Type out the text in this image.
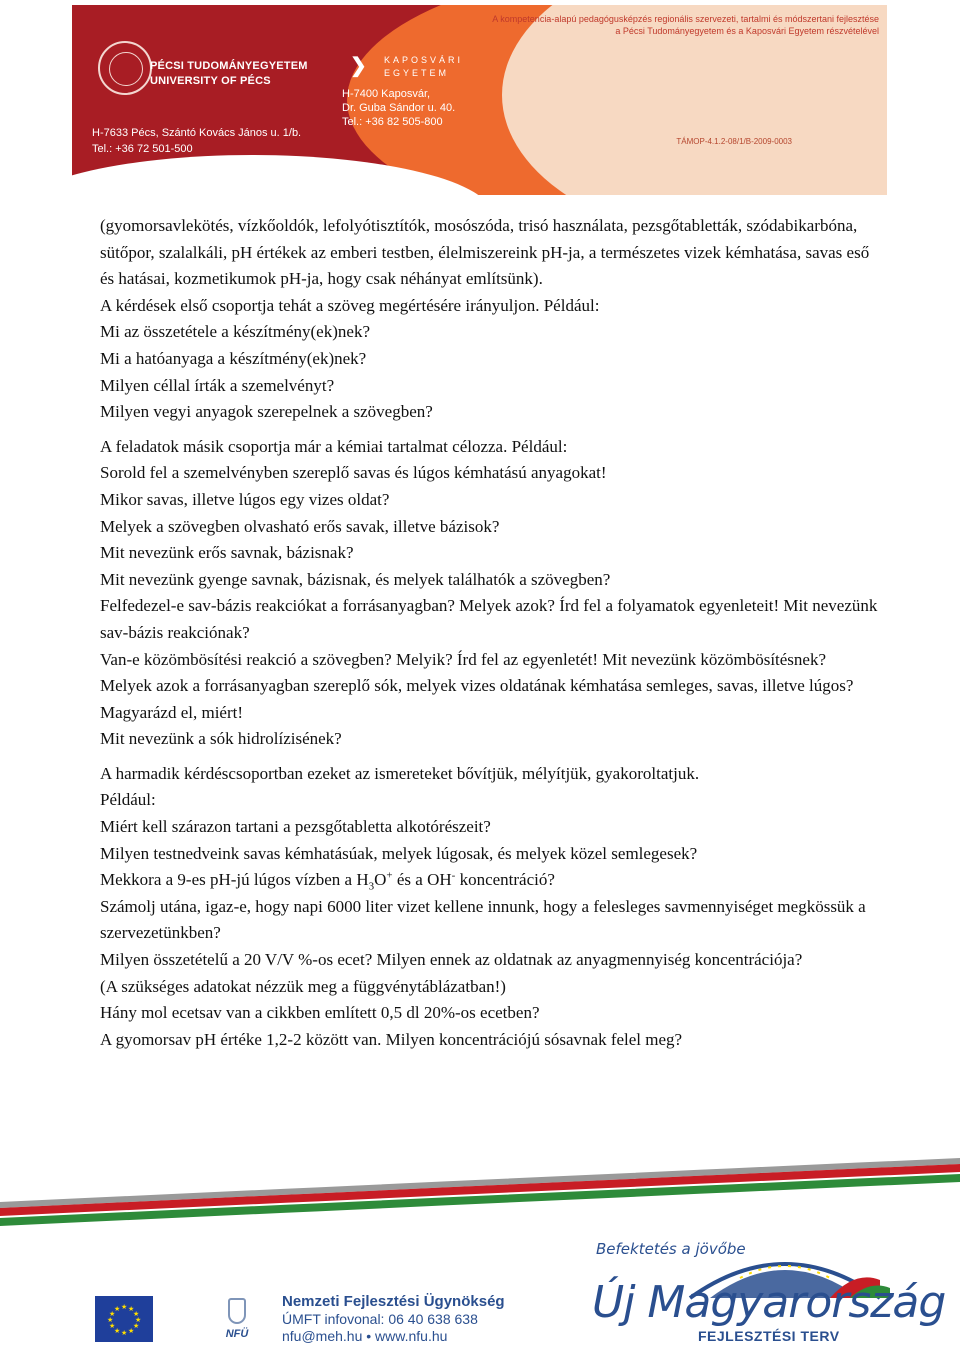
PÉCSI TUDOMÁNYEGYETEM
UNIVERSITY OF PÉCS
H-7633 Pécs, Szántó Kovács János u. 1/b.
Tel.: +36 72 501-500
❯	KAPOSVÁRI
EGYETEM
H-7400 Kaposvár,
Dr. Guba Sándor u. 40.
Tel.: +36 82 505-800
A kompetencia-alapú pedagógusképzés regionális szervezeti, tartalmi és módszertani fejlesztése
a Pécsi Tudományegyetem és a Kaposvári Egyetem részvételével
TÁMOP-4.1.2-08/1/B-2009-0003

(gyomorsavlekötés, vízkőoldók, lefolyótisztítók, mosószóda, trisó használata, pezsgőtabletták, szódabikarbóna, sütőpor, szalalkáli, pH értékek az emberi testben, élelmiszereink pH-ja, a természetes vizek kémhatása, savas eső és hatásai, kozmetikumok pH-ja, hogy csak néhányat említsünk).

A kérdések első csoportja tehát a szöveg megértésére irányuljon. Például:

Mi az összetétele a készítmény(ek)nek?

Mi a hatóanyaga a készítmény(ek)nek?

Milyen céllal írták a szemelvényt?

Milyen vegyi anyagok szerepelnek a szövegben?

A feladatok másik csoportja már a kémiai tartalmat célozza. Például:

Sorold fel a szemelvényben szereplő savas és lúgos kémhatású anyagokat!

Mikor savas, illetve lúgos egy vizes oldat?

Melyek a szövegben olvasható erős savak, illetve bázisok?

Mit nevezünk erős savnak, bázisnak?

Mit nevezünk gyenge savnak, bázisnak, és melyek találhatók a szövegben?

Felfedezel-e sav-bázis reakciókat a forrásanyagban? Melyek azok? Írd fel a folyamatok egyenleteit! Mit nevezünk sav-bázis reakciónak?

Van-e közömbösítési reakció a szövegben? Melyik? Írd fel az egyenletét! Mit nevezünk közömbösítésnek?

Melyek azok a forrásanyagban szereplő sók, melyek vizes oldatának kémhatása semleges, savas, illetve lúgos? Magyarázd el, miért!

Mit nevezünk a sók hidrolízisének?

A harmadik kérdéscsoportban ezeket az ismereteket bővítjük, mélyítjük, gyakoroltatjuk.

Például:

Miért kell szárazon tartani a pezsgőtabletta alkotórészeit?

Milyen testnedveink savas kémhatásúak, melyek lúgosak, és melyek közel semlegesek?

Mekkora a 9-es pH-jú lúgos vízben a $H_3O^+$ és a OH- koncentráció?

Számolj utána, igaz-e, hogy napi 6000 liter vizet kellene innunk, hogy a felesleges savmennyiséget megkössük a szervezetünkben?

Milyen összetételű a 20 V/V %-os ecet? Milyen ennek az oldatnak az anyagmennyiség koncentrációja?

(A szükséges adatokat nézzük meg a függvénytáblázatban!)

Hány mol ecetsav van a cikkben említett 0,5 dl 20%-os ecetben?

A gyomorsav pH értéke 1,2-2 között van. Milyen koncentrációjú sósavnak felel meg?

★ ★
★
★
★
★
★
★
★
★
★
★
NFÜ
Nemzeti Fejlesztési Ügynökség
ÚMFT infovonal: 06 40 638 638
nfu@meh.hu • www.nfu.hu
Befektetés a jövőbe
Új Magyarország
FEJLESZTÉSI TERV
